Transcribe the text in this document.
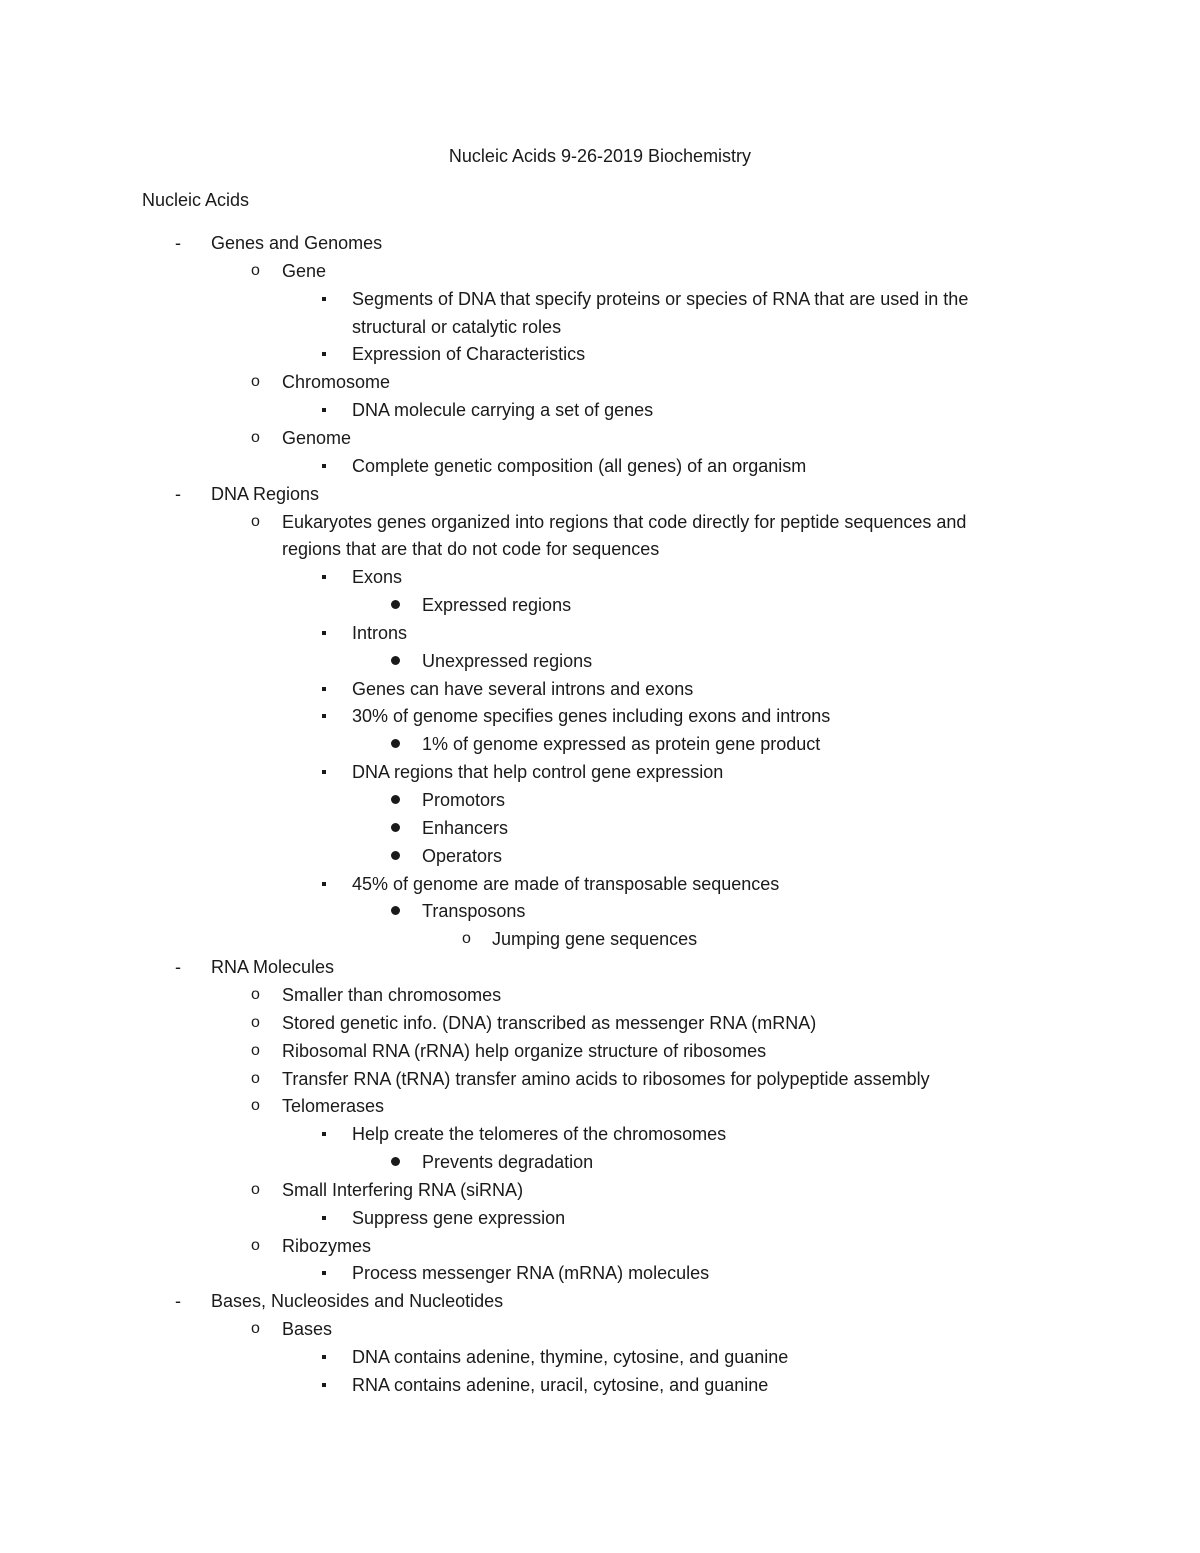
Nucleic Acids 9-26-2019 Biochemistry
Nucleic Acids
-	Genes and Genomes
o Gene
Segments of DNA that specify proteins or species of RNA that are used in the
structural or catalytic roles
Expression of Characteristics
o Chromosome
DNA molecule carrying a set of genes
o Genome
Complete genetic composition (all genes) of an organism
-	DNA Regions
o Eukaryotes genes organized into regions that code directly for peptide sequences and
regions that are that do not code for sequences
Exons
Expressed regions
Introns
Unexpressed regions
Genes can have several introns and exons
30% of genome specifies genes including exons and introns
1% of genome expressed as protein gene product
DNA regions that help control gene expression
Promotors
Enhancers
Operators
45% of genome are made of transposable sequences
Transposons
o Jumping gene sequences
-	RNA Molecules
o Smaller than chromosomes
o Stored genetic info. (DNA) transcribed as messenger RNA (mRNA)
o Ribosomal RNA (rRNA) help organize structure of ribosomes
o Transfer RNA (tRNA) transfer amino acids to ribosomes for polypeptide assembly
o Telomerases
Help create the telomeres of the chromosomes
Prevents degradation
o Small Interfering RNA (siRNA)
Suppress gene expression
o Ribozymes
Process messenger RNA (mRNA) molecules
-	Bases, Nucleosides and Nucleotides
o Bases
DNA contains adenine, thymine, cytosine, and guanine
RNA contains adenine, uracil, cytosine, and guanine
